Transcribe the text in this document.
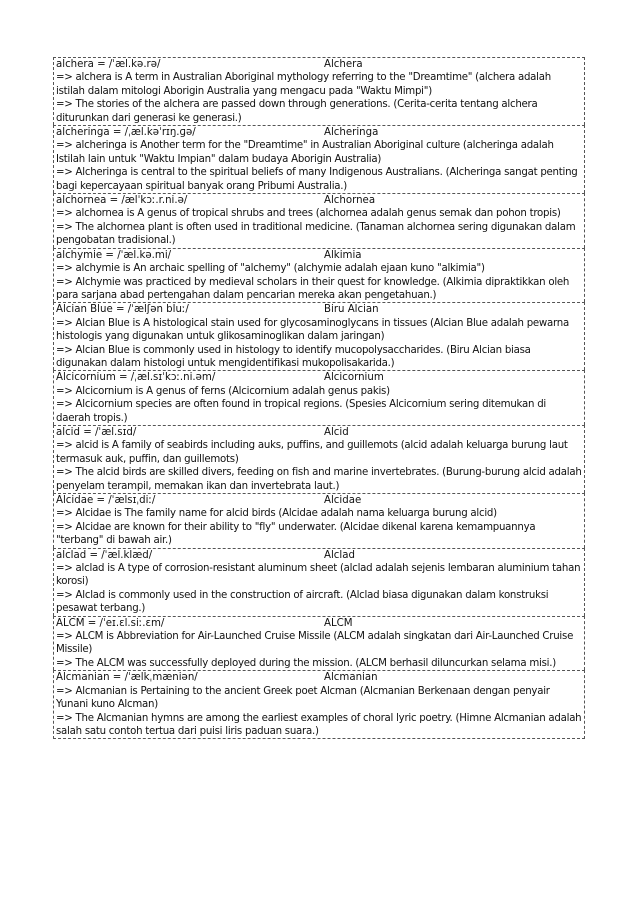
alchera = /ˈæl.kə.rə/	Alchera
=> alchera is A term in Australian Aboriginal mythology referring to the "Dreamtime" (alchera adalah istilah dalam mitologi Aborigin Australia yang mengacu pada "Waktu Mimpi")
=> The stories of the alchera are passed down through generations. (Cerita-cerita tentang alchera diturunkan dari generasi ke generasi.)
alcheringa = /ˌæl.kəˈrɪŋ.ɡə/	Alcheringa
=> alcheringa is Another term for the "Dreamtime" in Australian Aboriginal culture (alcheringa adalah Istilah lain untuk "Waktu Impian" dalam budaya Aborigin Australia)
=> Alcheringa is central to the spiritual beliefs of many Indigenous Australians. (Alcheringa sangat penting bagi kepercayaan spiritual banyak orang Pribumi Australia.)
alchornea = /ælˈkɔː.r.ni.ə/	Alchornea
=> alchornea is A genus of tropical shrubs and trees (alchornea adalah genus semak dan pohon tropis)
=> The alchornea plant is often used in traditional medicine. (Tanaman alchornea sering digunakan dalam pengobatan tradisional.)
alchymie = /ˈæl.kə.mi/	Alkimia
=> alchymie is An archaic spelling of "alchemy" (alchymie adalah ejaan kuno "alkimia")
=> Alchymie was practiced by medieval scholars in their quest for knowledge. (Alkimia dipraktikkan oleh para sarjana abad pertengahan dalam pencarian mereka akan pengetahuan.)
Alcian Blue = /ˈælʃən bluː/	Biru Alcian
=> Alcian Blue is A histological stain used for glycosaminoglycans in tissues (Alcian Blue adalah pewarna histologis yang digunakan untuk glikosaminoglikan dalam jaringan)
=> Alcian Blue is commonly used in histology to identify mucopolysaccharides. (Biru Alcian biasa digunakan dalam histologi untuk mengidentifikasi mukopolisakarida.)
Alcicornium = /ˌæl.sɪˈkɔː.ni.əm/	Alcicornium
=> Alcicornium is A genus of ferns (Alcicornium adalah genus pakis)
=> Alcicornium species are often found in tropical regions. (Spesies Alcicornium sering ditemukan di daerah tropis.)
alcid = /ˈæl.sɪd/	Alcid
=> alcid is A family of seabirds including auks, puffins, and guillemots (alcid adalah keluarga burung laut termasuk auk, puffin, dan guillemots)
=> The alcid birds are skilled divers, feeding on fish and marine invertebrates. (Burung-burung alcid adalah penyelam terampil, memakan ikan dan invertebrata laut.)
Alcidae = /ˈælsɪˌdiː/	Alcidae
=> Alcidae is The family name for alcid birds (Alcidae adalah nama keluarga burung alcid)
=> Alcidae are known for their ability to "fly" underwater. (Alcidae dikenal karena kemampuannya "terbang" di bawah air.)
alclad = /ˈæl.klæd/	Alclad
=> alclad is A type of corrosion-resistant aluminum sheet (alclad adalah sejenis lembaran aluminium tahan korosi)
=> Alclad is commonly used in the construction of aircraft. (Alclad biasa digunakan dalam konstruksi pesawat terbang.)
ALCM = /ˈeɪ.ɛl.siː.ɛm/	ALCM
=> ALCM is Abbreviation for Air-Launched Cruise Missile (ALCM adalah singkatan dari Air-Launched Cruise Missile)
=> The ALCM was successfully deployed during the mission. (ALCM berhasil diluncurkan selama misi.)
Alcmanian = /ˈælkˌmæniən/	Alcmanian
=> Alcmanian is Pertaining to the ancient Greek poet Alcman (Alcmanian Berkenaan dengan penyair Yunani kuno Alcman)
=> The Alcmanian hymns are among the earliest examples of choral lyric poetry. (Himne Alcmanian adalah salah satu contoh tertua dari puisi liris paduan suara.)
